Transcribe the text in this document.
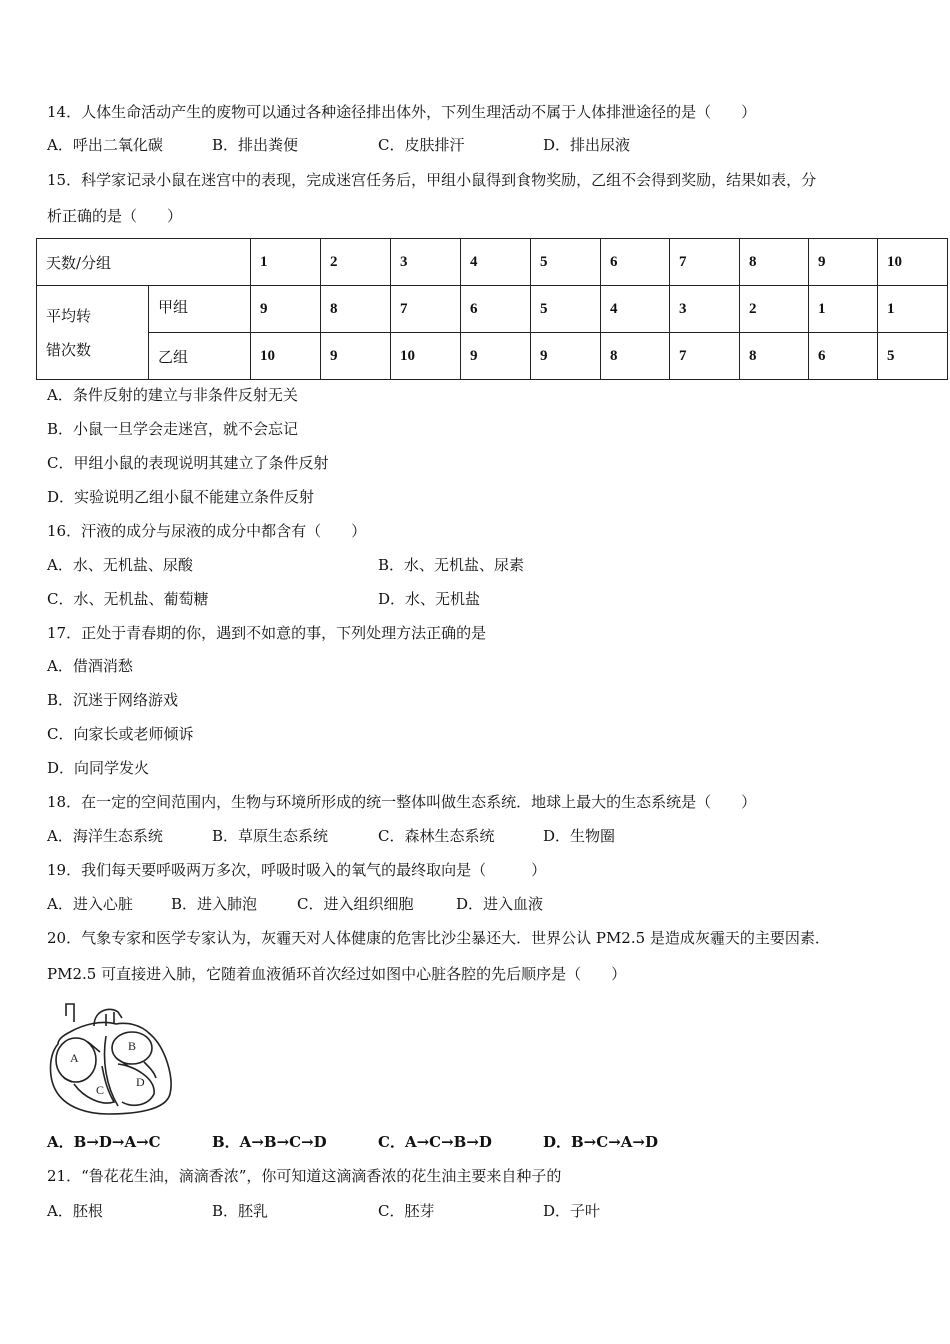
14．人体生命活动产生的废物可以通过各种途径排出体外，下列生理活动不属于人体排泄途径的是（　　）
A．呼出二氧化碳	B．排出粪便	C．皮肤排汗	D．排出尿液
15．科学家记录小鼠在迷宫中的表现，完成迷宫任务后，甲组小鼠得到食物奖励，乙组不会得到奖励，结果如表，分
析正确的是（　　）
天数/分组		1	2	3	4	5	6	7	8	9	10

平均转
错次数	甲组	9	8	7	6	5	4	3	2	1	1
	乙组	10	9	10	9	9	8	7	8	6	5
A．条件反射的建立与非条件反射无关
B．小鼠一旦学会走迷宫，就不会忘记
C．甲组小鼠的表现说明其建立了条件反射
D．实验说明乙组小鼠不能建立条件反射
16．汗液的成分与尿液的成分中都含有（　　）
A．水、无机盐、尿酸	B．水、无机盐、尿素
C．水、无机盐、葡萄糖	D．水、无机盐
17．正处于青春期的你，遇到不如意的事，下列处理方法正确的是
A．借酒消愁
B．沉迷于网络游戏
C．向家长或老师倾诉
D．向同学发火
18．在一定的空间范围内，生物与环境所形成的统一整体叫做生态系统．地球上最大的生态系统是（　　）
A．海洋生态系统	B．草原生态系统	C．森林生态系统	D．生物圈
19．我们每天要呼吸两万多次，呼吸时吸入的氧气的最终取向是（　　　）
A．进入心脏	B．进入肺泡	C．进入组织细胞	D．进入血液
20．气象专家和医学专家认为，灰霾天对人体健康的危害比沙尘暴还大．世界公认 PM2.5 是造成灰霾天的主要因素．
PM2.5 可直接进入肺，它随着血液循环首次经过如图中心脏各腔的先后顺序是（　　）
A
B
C
D
A．B→D→A→C	B．A→B→C→D	C．A→C→B→D	D．B→C→A→D
21．“鲁花花生油，滴滴香浓”，你可知道这滴滴香浓的花生油主要来自种子的
A．胚根	B．胚乳	C．胚芽	D．子叶
